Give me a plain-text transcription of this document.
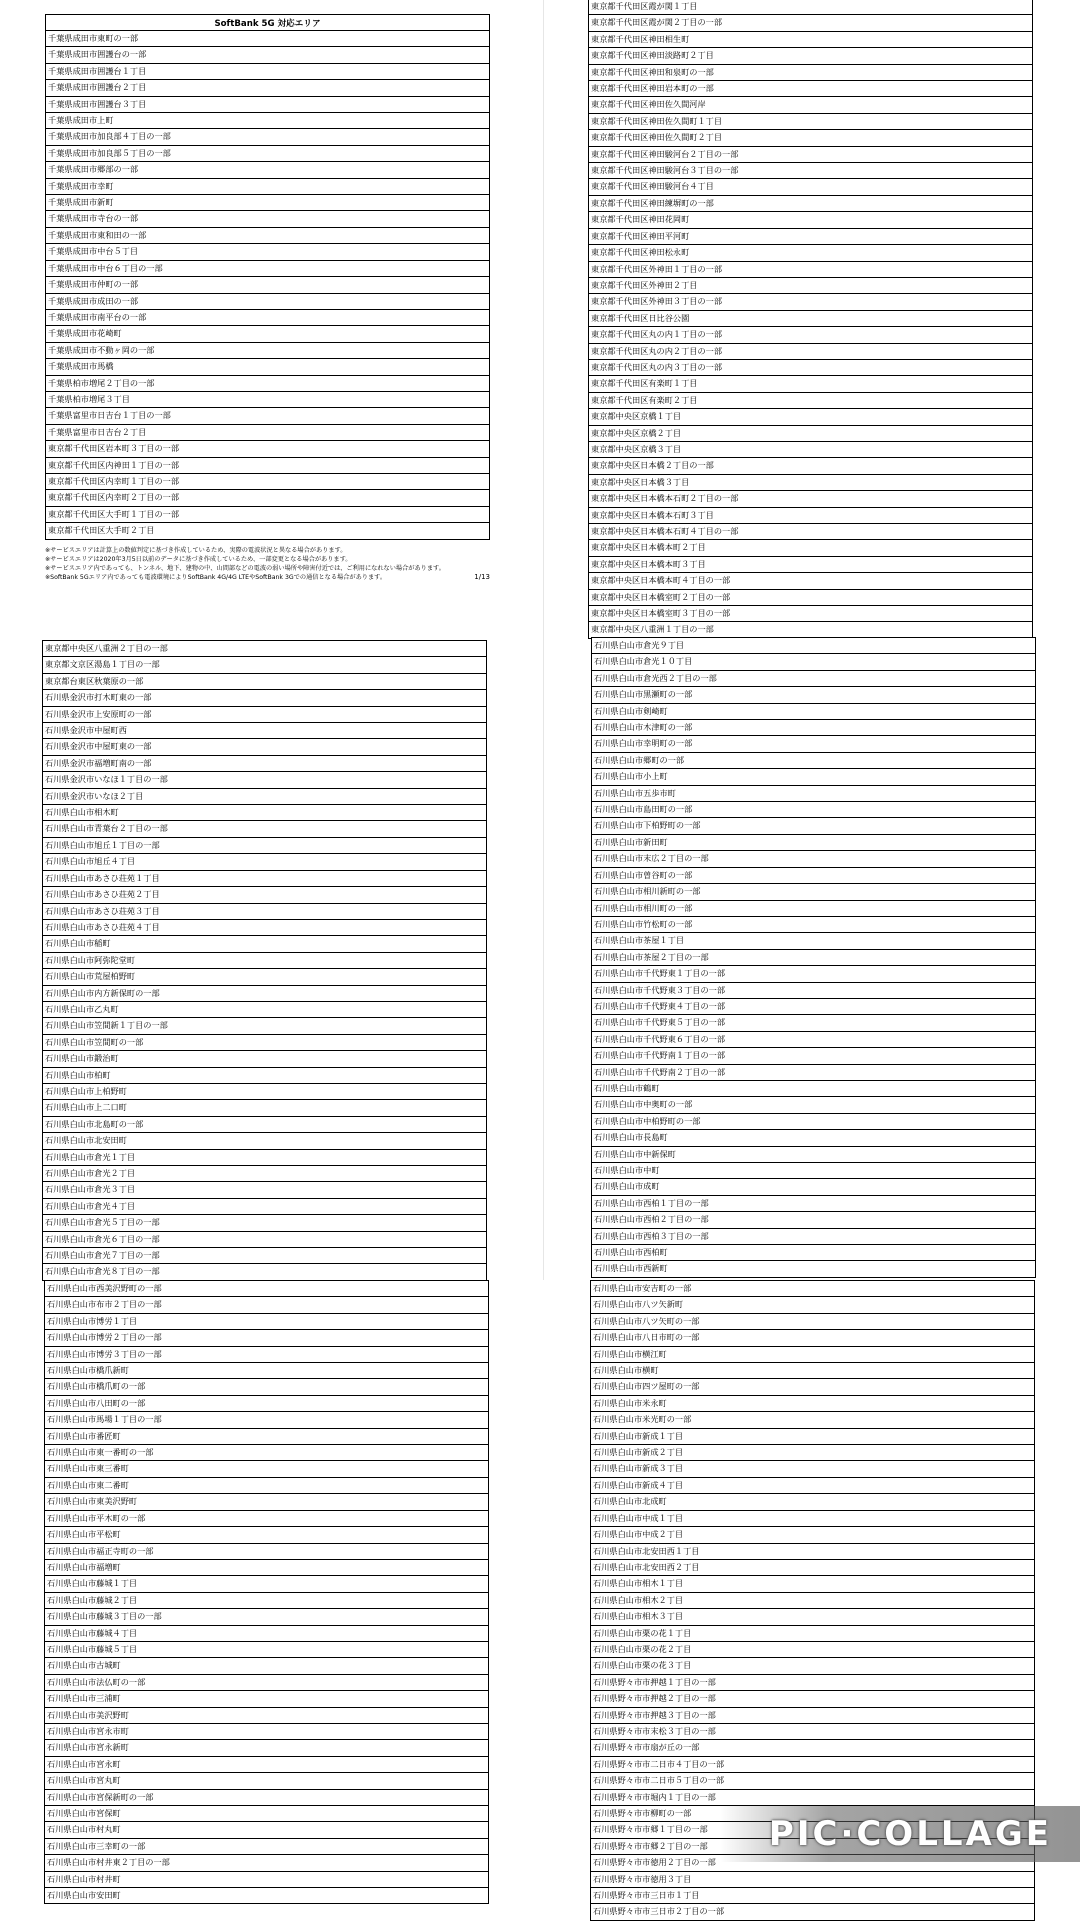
SoftBank 5G 対応エリア
千葉県成田市東町の一部
千葉県成田市囲護台の一部
千葉県成田市囲護台１丁目
千葉県成田市囲護台２丁目
千葉県成田市囲護台３丁目
千葉県成田市上町
千葉県成田市加良部４丁目の一部
千葉県成田市加良部５丁目の一部
千葉県成田市郷部の一部
千葉県成田市幸町
千葉県成田市新町
千葉県成田市寺台の一部
千葉県成田市東和田の一部
千葉県成田市中台５丁目
千葉県成田市中台６丁目の一部
千葉県成田市仲町の一部
千葉県成田市成田の一部
千葉県成田市南平台の一部
千葉県成田市花崎町
千葉県成田市不動ヶ岡の一部
千葉県成田市馬橋
千葉県柏市増尾２丁目の一部
千葉県柏市増尾３丁目
千葉県富里市日吉台１丁目の一部
千葉県富里市日吉台２丁目
東京都千代田区岩本町３丁目の一部
東京都千代田区内神田１丁目の一部
東京都千代田区内幸町１丁目の一部
東京都千代田区内幸町２丁目の一部
東京都千代田区大手町１丁目の一部
東京都千代田区大手町２丁目
※サービスエリアは計算上の数値判定に基づき作成しているため、実際の電波状況と異なる場合があります。
※サービスエリアは2020年3月5日以前のデータに基づき作成しているため、一部変更となる場合があります。
※サービスエリア内であっても、トンネル、地下、建物の中、山間部などの電波の弱い場所や障害付近では、ご利用になれない場合があります。
※SoftBank 5Gエリア内であっても電波環境によりSoftBank 4G/4G LTEやSoftBank 3Gでの通信となる場合があります。	1/13
東京都千代田区霞が関１丁目
東京都千代田区霞が関２丁目の一部
東京都千代田区神田相生町
東京都千代田区神田淡路町２丁目
東京都千代田区神田和泉町の一部
東京都千代田区神田岩本町の一部
東京都千代田区神田佐久間河岸
東京都千代田区神田佐久間町１丁目
東京都千代田区神田佐久間町２丁目
東京都千代田区神田駿河台２丁目の一部
東京都千代田区神田駿河台３丁目の一部
東京都千代田区神田駿河台４丁目
東京都千代田区神田練塀町の一部
東京都千代田区神田花岡町
東京都千代田区神田平河町
東京都千代田区神田松永町
東京都千代田区外神田１丁目の一部
東京都千代田区外神田２丁目
東京都千代田区外神田３丁目の一部
東京都千代田区日比谷公園
東京都千代田区丸の内１丁目の一部
東京都千代田区丸の内２丁目の一部
東京都千代田区丸の内３丁目の一部
東京都千代田区有楽町１丁目
東京都千代田区有楽町２丁目
東京都中央区京橋１丁目
東京都中央区京橋２丁目
東京都中央区京橋３丁目
東京都中央区日本橋２丁目の一部
東京都中央区日本橋３丁目
東京都中央区日本橋本石町２丁目の一部
東京都中央区日本橋本石町３丁目
東京都中央区日本橋本石町４丁目の一部
東京都中央区日本橋本町２丁目
東京都中央区日本橋本町３丁目
東京都中央区日本橋本町４丁目の一部
東京都中央区日本橋室町２丁目の一部
東京都中央区日本橋室町３丁目の一部
東京都中央区八重洲１丁目の一部
東京都中央区八重洲２丁目の一部
東京都文京区湯島１丁目の一部
東京都台東区秋葉原の一部
石川県金沢市打木町東の一部
石川県金沢市上安原町の一部
石川県金沢市中屋町西
石川県金沢市中屋町東の一部
石川県金沢市福増町南の一部
石川県金沢市いなほ１丁目の一部
石川県金沢市いなほ２丁目
石川県白山市相木町
石川県白山市青葉台２丁目の一部
石川県白山市旭丘１丁目の一部
石川県白山市旭丘４丁目
石川県白山市あさひ荘苑１丁目
石川県白山市あさひ荘苑２丁目
石川県白山市あさひ荘苑３丁目
石川県白山市あさひ荘苑４丁目
石川県白山市稲町
石川県白山市阿弥陀堂町
石川県白山市荒屋柏野町
石川県白山市内方新保町の一部
石川県白山市乙丸町
石川県白山市笠間新１丁目の一部
石川県白山市笠間町の一部
石川県白山市鍛治町
石川県白山市柏町
石川県白山市上柏野町
石川県白山市上二口町
石川県白山市北島町の一部
石川県白山市北安田町
石川県白山市倉光１丁目
石川県白山市倉光２丁目
石川県白山市倉光３丁目
石川県白山市倉光４丁目
石川県白山市倉光５丁目の一部
石川県白山市倉光６丁目の一部
石川県白山市倉光７丁目の一部
石川県白山市倉光８丁目の一部
石川県白山市倉光９丁目
石川県白山市倉光１０丁目
石川県白山市倉光西２丁目の一部
石川県白山市黒瀬町の一部
石川県白山市剣崎町
石川県白山市木津町の一部
石川県白山市幸明町の一部
石川県白山市郷町の一部
石川県白山市小上町
石川県白山市五歩市町
石川県白山市島田町の一部
石川県白山市下柏野町の一部
石川県白山市新田町
石川県白山市末広２丁目の一部
石川県白山市曽谷町の一部
石川県白山市相川新町の一部
石川県白山市相川町の一部
石川県白山市竹松町の一部
石川県白山市茶屋１丁目
石川県白山市茶屋２丁目の一部
石川県白山市千代野東１丁目の一部
石川県白山市千代野東３丁目の一部
石川県白山市千代野東４丁目の一部
石川県白山市千代野東５丁目の一部
石川県白山市千代野東６丁目の一部
石川県白山市千代野南１丁目の一部
石川県白山市千代野南２丁目の一部
石川県白山市鶴町
石川県白山市中奥町の一部
石川県白山市中柏野町の一部
石川県白山市長島町
石川県白山市中新保町
石川県白山市中町
石川県白山市成町
石川県白山市西柏１丁目の一部
石川県白山市西柏２丁目の一部
石川県白山市西柏３丁目の一部
石川県白山市西柏町
石川県白山市西新町
石川県白山市西美沢野町の一部
石川県白山市布市２丁目の一部
石川県白山市博労１丁目
石川県白山市博労２丁目の一部
石川県白山市博労３丁目の一部
石川県白山市橋爪新町
石川県白山市橋爪町の一部
石川県白山市八田町の一部
石川県白山市馬場１丁目の一部
石川県白山市番匠町
石川県白山市東一番町の一部
石川県白山市東三番町
石川県白山市東二番町
石川県白山市東美沢野町
石川県白山市平木町の一部
石川県白山市平松町
石川県白山市福正寺町の一部
石川県白山市福増町
石川県白山市藤城１丁目
石川県白山市藤城２丁目
石川県白山市藤城３丁目の一部
石川県白山市藤城４丁目
石川県白山市藤城５丁目
石川県白山市古城町
石川県白山市法仏町の一部
石川県白山市三浦町
石川県白山市美沢野町
石川県白山市宮永市町
石川県白山市宮永新町
石川県白山市宮永町
石川県白山市宮丸町
石川県白山市宮保新町の一部
石川県白山市宮保町
石川県白山市村丸町
石川県白山市三幸町の一部
石川県白山市村井東２丁目の一部
石川県白山市村井町
石川県白山市安田町
石川県白山市安吉町の一部
石川県白山市八ツ矢新町
石川県白山市八ツ矢町の一部
石川県白山市八日市町の一部
石川県白山市横江町
石川県白山市横町
石川県白山市四ツ屋町の一部
石川県白山市米永町
石川県白山市米光町の一部
石川県白山市新成１丁目
石川県白山市新成２丁目
石川県白山市新成３丁目
石川県白山市新成４丁目
石川県白山市北成町
石川県白山市中成１丁目
石川県白山市中成２丁目
石川県白山市北安田西１丁目
石川県白山市北安田西２丁目
石川県白山市相木１丁目
石川県白山市相木２丁目
石川県白山市相木３丁目
石川県白山市栗の花１丁目
石川県白山市栗の花２丁目
石川県白山市栗の花３丁目
石川県野々市市押越１丁目の一部
石川県野々市市押越２丁目の一部
石川県野々市市押越３丁目の一部
石川県野々市市末松３丁目の一部
石川県野々市市扇が丘の一部
石川県野々市市二日市４丁目の一部
石川県野々市市二日市５丁目の一部
石川県野々市市堀内１丁目の一部
石川県野々市市柳町の一部
石川県野々市市郷１丁目の一部
石川県野々市市郷２丁目の一部
石川県野々市市徳用２丁目の一部
石川県野々市市徳用３丁目
石川県野々市市三日市１丁目
石川県野々市市三日市２丁目の一部
PIC·COLLAGE
